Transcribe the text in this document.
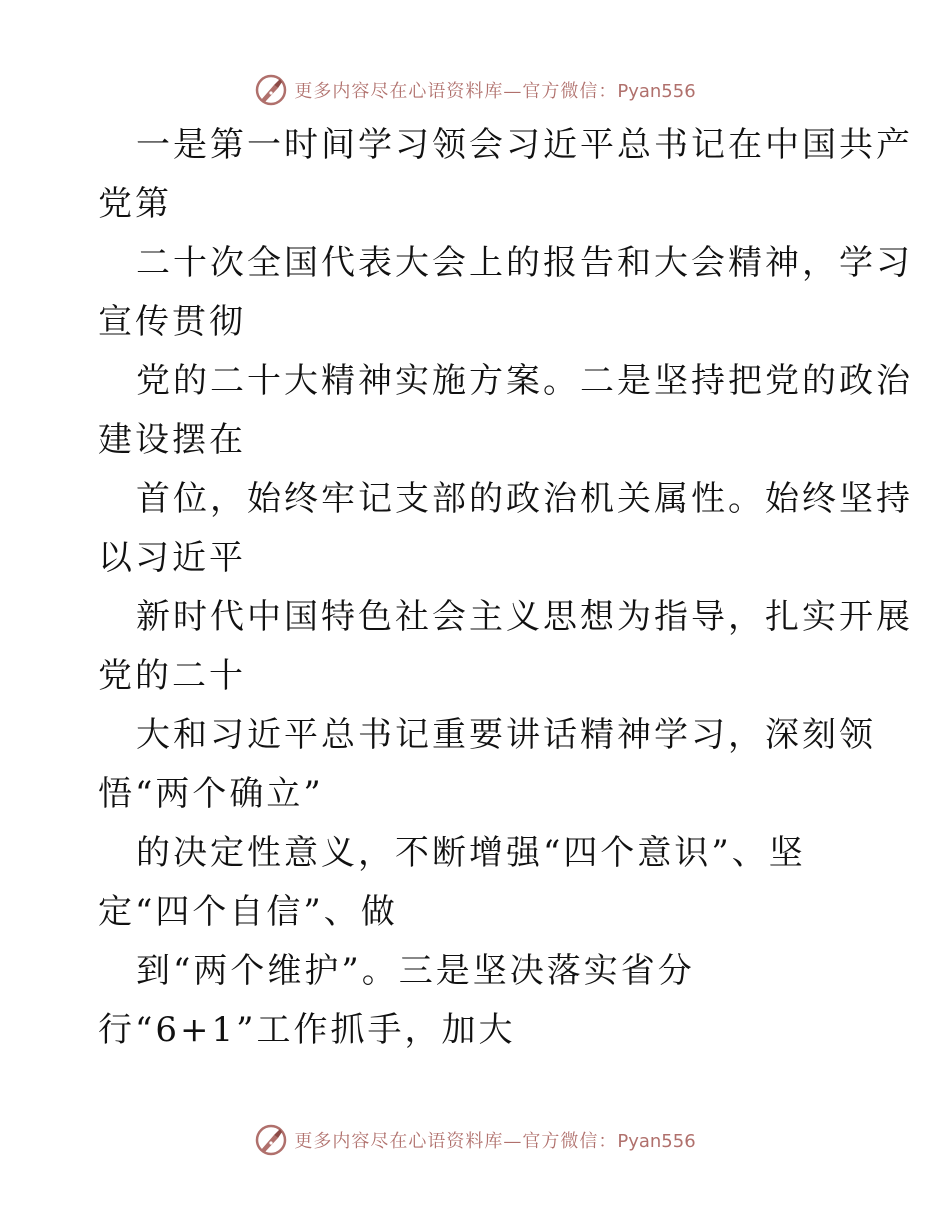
更多内容尽在心语资料库—官方微信：Pyan556
一是第一时间学习领会习近平总书记在中国共产
党第
二十次全国代表大会上的报告和大会精神，学习
宣传贯彻
党的二十大精神实施方案。二是坚持把党的政治
建设摆在
首位，始终牢记支部的政治机关属性。始终坚持
以习近平
新时代中国特色社会主义思想为指导，扎实开展
党的二十
大和习近平总书记重要讲话精神学习，深刻领
悟“两个确立”
的决定性意义，不断增强“四个意识”、坚
定“四个自信”、做
到“两个维护”。三是坚决落实省分
行“6+1”工作抓手，加大
更多内容尽在心语资料库—官方微信：Pyan556
